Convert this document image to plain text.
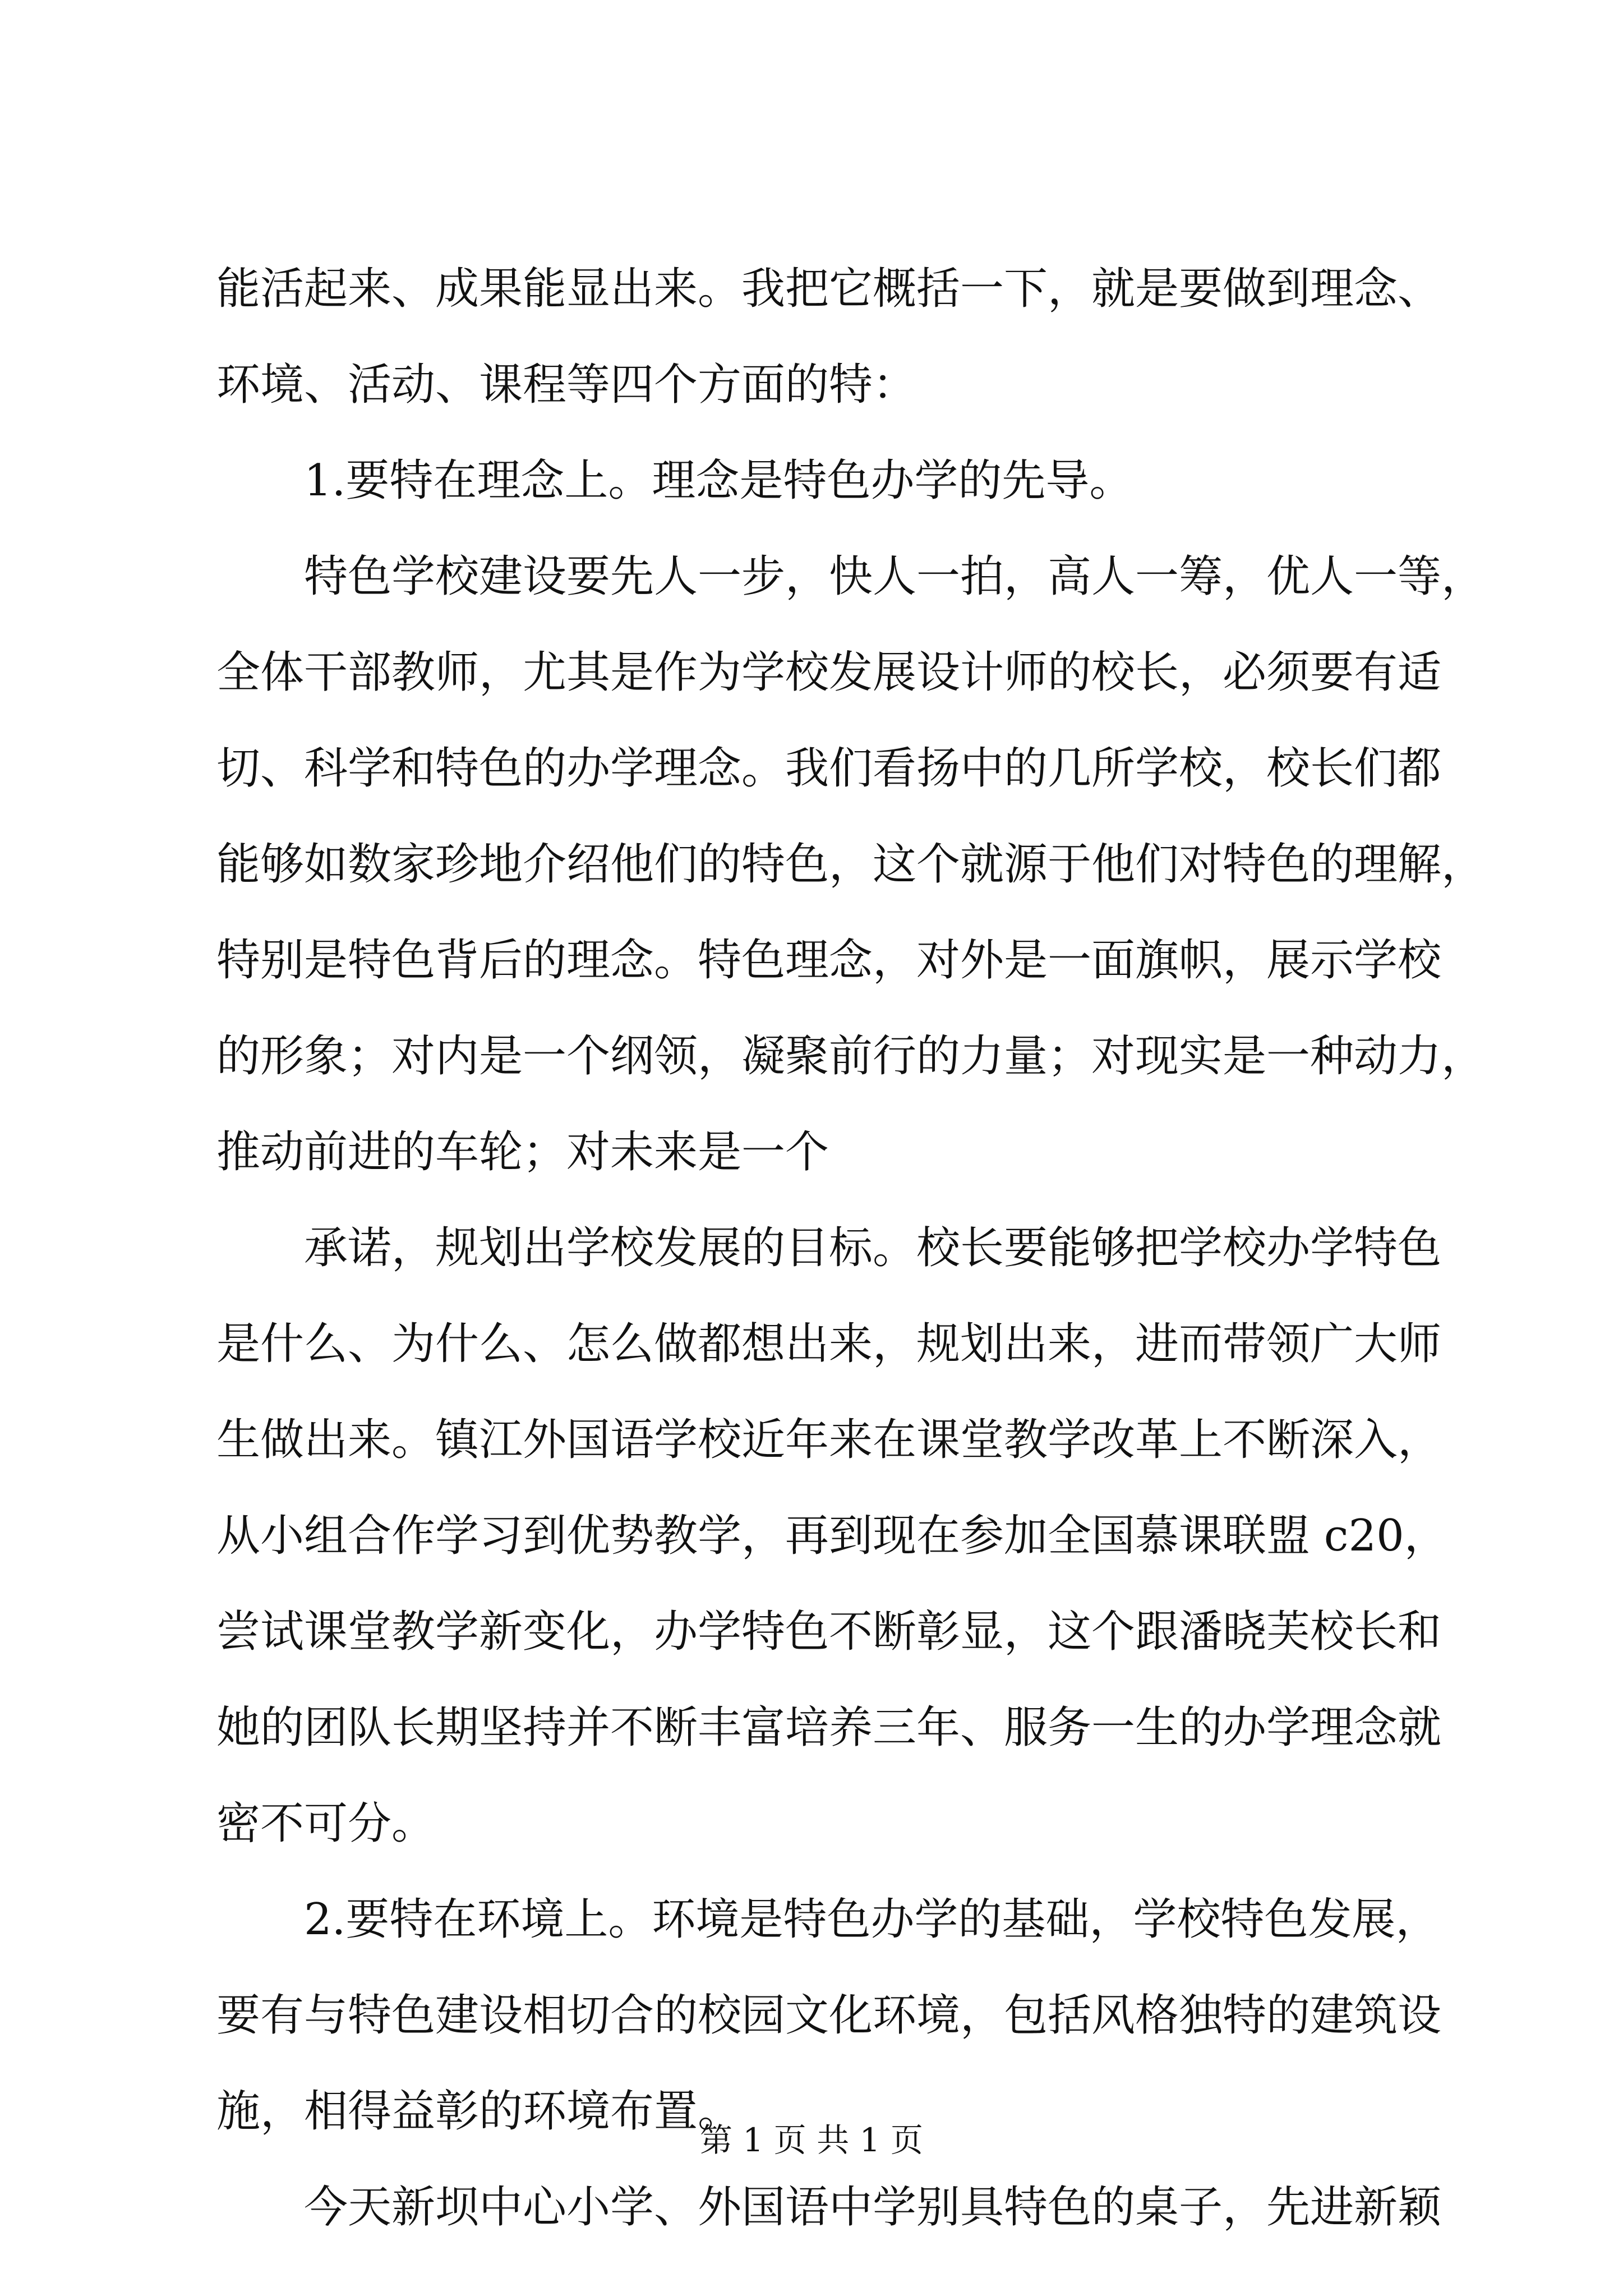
能活起来、成果能显出来。我把它概括一下，就是要做到理念、
环境、活动、课程等四个方面的特：
1.要特在理念上。理念是特色办学的先导。
特色学校建设要先人一步，快人一拍，高人一筹，优人一等，
全体干部教师，尤其是作为学校发展设计师的校长，必须要有适
切、科学和特色的办学理念。我们看扬中的几所学校，校长们都
能够如数家珍地介绍他们的特色，这个就源于他们对特色的理解，
特别是特色背后的理念。特色理念，对外是一面旗帜，展示学校
的形象；对内是一个纲领，凝聚前行的力量；对现实是一种动力，
推动前进的车轮；对未来是一个
承诺，规划出学校发展的目标。校长要能够把学校办学特色
是什么、为什么、怎么做都想出来，规划出来，进而带领广大师
生做出来。镇江外国语学校近年来在课堂教学改革上不断深入，
从小组合作学习到优势教学，再到现在参加全国慕课联盟 c20，
尝试课堂教学新变化，办学特色不断彰显，这个跟潘晓芙校长和
她的团队长期坚持并不断丰富培养三年、服务一生的办学理念就
密不可分。
2.要特在环境上。环境是特色办学的基础，学校特色发展，
要有与特色建设相切合的校园文化环境，包括风格独特的建筑设
施，相得益彰的环境布置。
今天新坝中心小学、外国语中学别具特色的桌子，先进新颖
第 1 页 共 1 页
